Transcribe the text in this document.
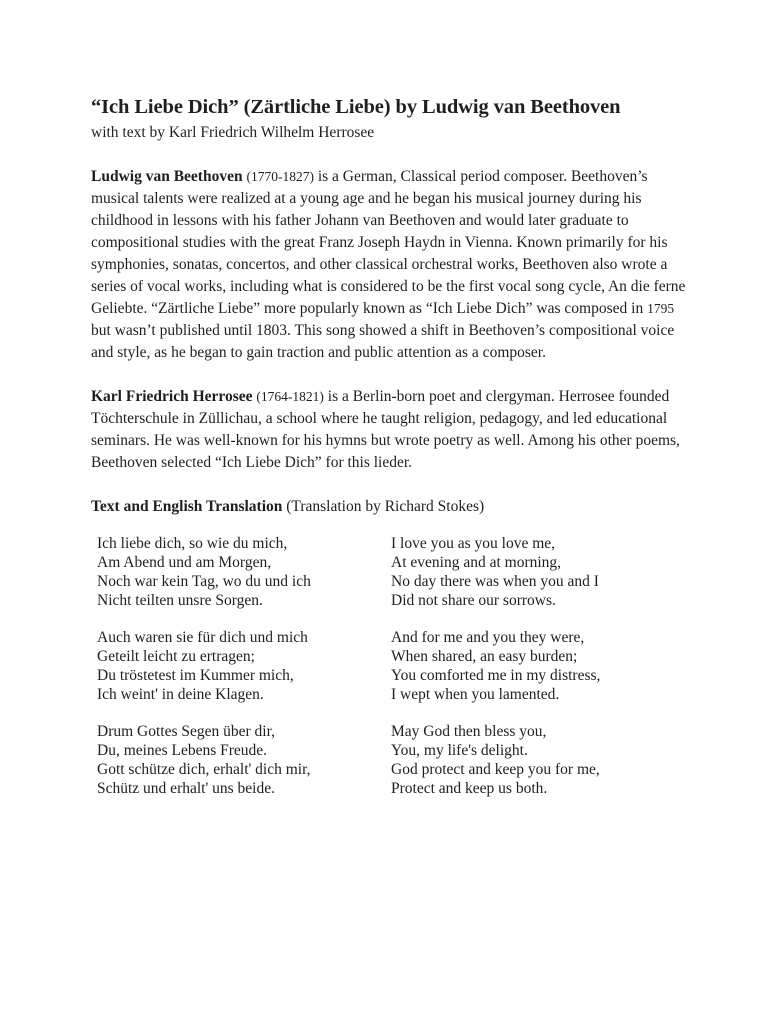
“Ich Liebe Dich” (Zärtliche Liebe) by Ludwig van Beethoven

with text by Karl Friedrich Wilhelm Herrosee

Ludwig van Beethoven (1770-1827) is a German, Classical period composer. Beethoven’s musical talents were realized at a young age and he began his musical journey during his childhood in lessons with his father Johann van Beethoven and would later graduate to compositional studies with the great Franz Joseph Haydn in Vienna. Known primarily for his symphonies, sonatas, concertos, and other classical orchestral works, Beethoven also wrote a series of vocal works, including what is considered to be the first vocal song cycle, An die ferne Geliebte. “Zärtliche Liebe” more popularly known as “Ich Liebe Dich” was composed in 1795 but wasn’t published until 1803. This song showed a shift in Beethoven’s compositional voice and style, as he began to gain traction and public attention as a composer.

Karl Friedrich Herrosee (1764-1821) is a Berlin-born poet and clergyman. Herrosee founded Töchterschule in Züllichau, a school where he taught religion, pedagogy, and led educational seminars. He was well-known for his hymns but wrote poetry as well. Among his other poems, Beethoven selected “Ich Liebe Dich” for this lieder.

Text and English Translation (Translation by Richard Stokes)

Ich liebe dich, so wie du mich,
Am Abend und am Morgen,
Noch war kein Tag, wo du und ich
Nicht teilten unsre Sorgen.
Auch waren sie für dich und mich
Geteilt leicht zu ertragen;
Du tröstetest im Kummer mich,
Ich weint' in deine Klagen.
Drum Gottes Segen über dir,
Du, meines Lebens Freude.
Gott schütze dich, erhalt' dich mir,
Schütz und erhalt' uns beide.
I love you as you love me,
At evening and at morning,
No day there was when you and I
Did not share our sorrows.
And for me and you they were,
When shared, an easy burden;
You comforted me in my distress,
I wept when you lamented.
May God then bless you,
You, my life's delight.
God protect and keep you for me,
Protect and keep us both.
